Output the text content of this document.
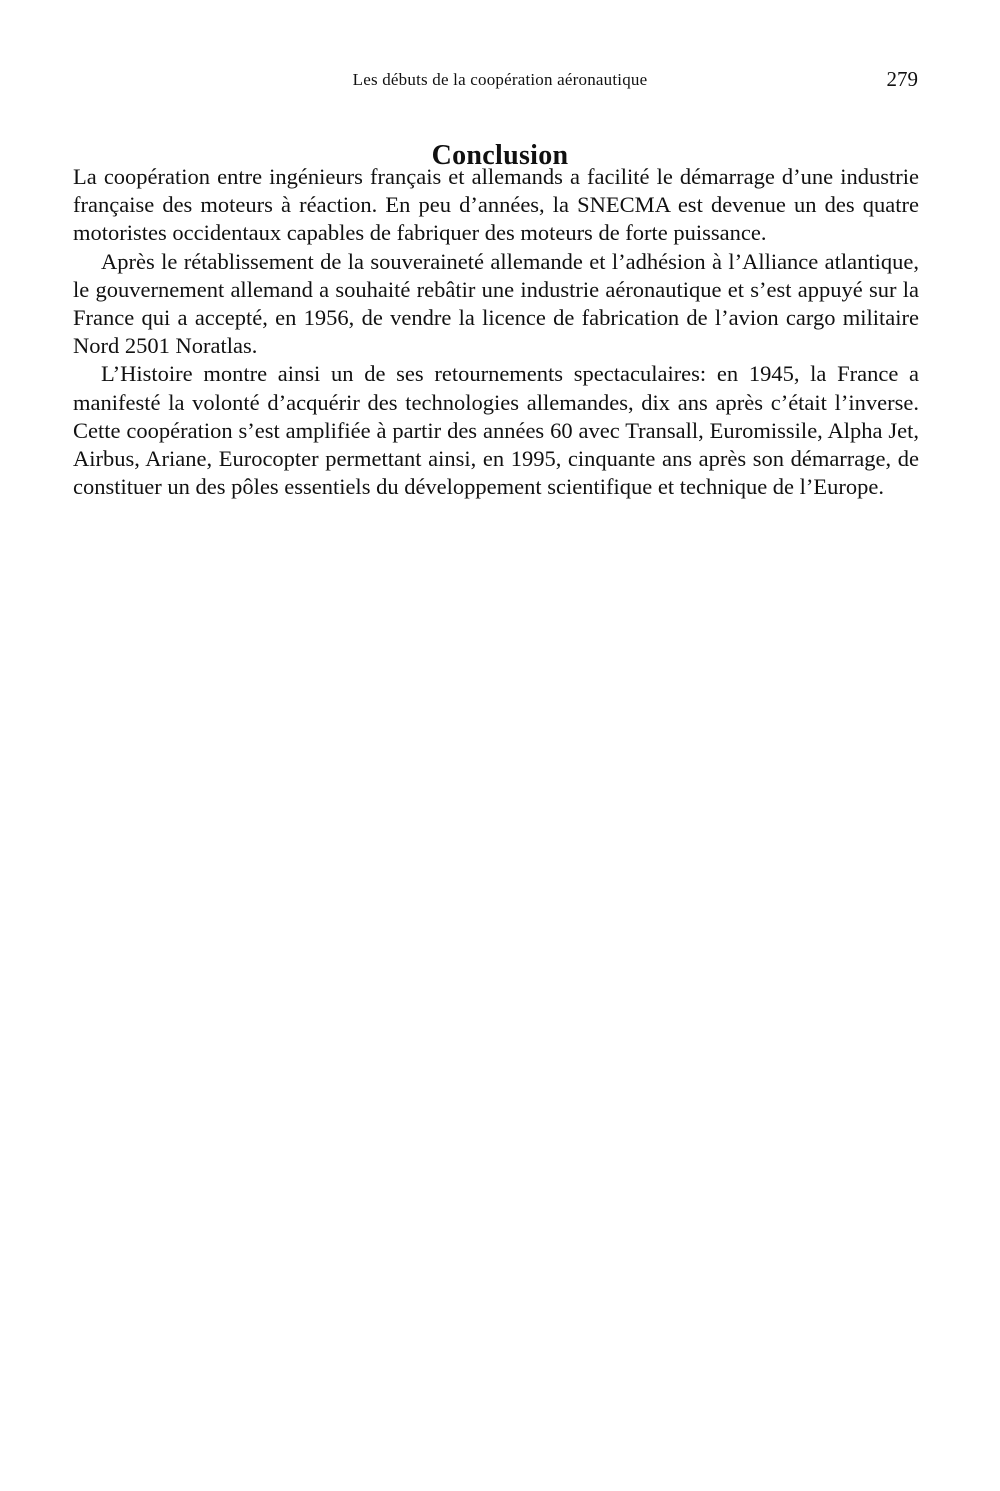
Les débuts de la coopération aéronautique	279
Conclusion

La coopération entre ingénieurs français et allemands a facilité le démarrage d’une industrie française des moteurs à réaction. En peu d’années, la SNECMA est devenue un des quatre motoristes occidentaux capables de fabriquer des moteurs de forte puissance.

Après le rétablissement de la souveraineté allemande et l’adhésion à l’Alliance atlantique, le gouvernement allemand a souhaité rebâtir une industrie aéronautique et s’est appuyé sur la France qui a accepté, en 1956, de vendre la licence de fabrication de l’avion cargo militaire Nord 2501 Noratlas.

L’Histoire montre ainsi un de ses retournements spectaculaires: en 1945, la France a manifesté la volonté d’acquérir des technologies allemandes, dix ans après c’était l’inverse. Cette coopération s’est amplifiée à partir des années 60 avec Transall, Euromissile, Alpha Jet, Airbus, Ariane, Eurocopter permettant ainsi, en 1995, cinquante ans après son démarrage, de constituer un des pôles essentiels du développement scientifique et technique de l’Europe.
